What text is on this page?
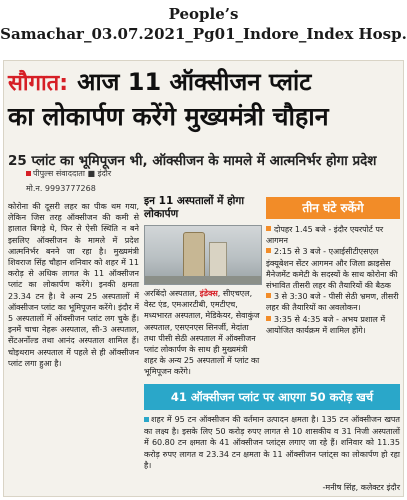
People’s Samachar_03.07.2021_Pg01_Indore_Index Hosp.
सौगात: आज 11 ऑक्सीजन प्लांट
का लोकार्पण करेंगे मुख्यमंत्री चौहान
25 प्लांट का भूमिपूजन भी, ऑक्सीजन के मामले में आत्मनिर्भर होगा प्रदेश
पीपुल्स संवाददाता ■ इंदौर
मो.न. 9993777268
कोरोना की दूसरी लहर का पीक थम गया, लेकिन जिस तरह ऑक्सीजन की कमी से हालात बिगड़े थे, फिर से ऐसी स्थिति न बने इसलिए ऑक्सीजन के मामले में प्रदेश आत्मनिर्भर बनने जा रहा है। मुख्यमंत्री शिवराज सिंह चौहान शनिवार को शहर में 11 करोड़ से अधिक लागत के 11 ऑक्सीजन प्लांट का लोकार्पण करेंगे। इनकी क्षमता 23.34 टन है। वे अन्य 25 अस्पतालों में ऑक्सीजन प्लांट का भूमिपूजन करेंगे। इंदौर में 5 अस्पतालों में ऑक्सीजन प्लांट लग चुके हैं। इनमें चाचा नेहरू अस्पताल, सी-3 अस्पताल, सेंटअर्नोल्ड तथा आनंद अस्पताल शामिल हैं। चोइथराम अस्पताल में पहले से ही ऑक्सीजन प्लांट लगा हुआ है।
इन 11 अस्पतालों में होगा लोकार्पण
अरबिंदो अस्पताल, इंडेक्स, सीएचएल, वेस्ट एंड, एमआरटीबी, एमटीएच, मध्यभारत अस्पताल, मेडिकेयर, सेवाकुंज अस्पताल, एसएनएस सिनर्जी, मेदांता तथा पीसी सेठी अस्पताल में ऑक्सीजन प्लांट लोकार्पण के साथ ही मुख्यमंत्री शहर के अन्य 25 अस्पतालों में प्लांट का भूमिपूजन करेंगे।
तीन घंटे रुकेंगे
दोपहर 1.45 बजे - इंदौर एयरपोर्ट पर आगमन
2:15 से 3 बजे - एआईसीटीएसएल इंक्यूबेशन सेंटर आगमन और जिला क्राइसेस मैनेजमेंट कमेटी के सदस्यों के साथ कोरोना की संभावित तीसरी लहर की तैयारियों की बैठक
3 से 3:30 बजे - पीसी सेठी भ्रमण, तीसरी लहर की तैयारियों का अवलोकन।
3:35 से 4:35 बजे - अभय प्रशाल में आयोजित कार्यक्रम में शामिल होंगे।
41 ऑक्सीजन प्लांट पर आएगा 50 करोड़ खर्च
शहर में 95 टन ऑक्सीजन की वर्तमान उत्पादन क्षमता है। 135 टन ऑक्सीजन खपत का लक्ष्य है। इसके लिए 50 करोड़ रुपए लागत से 10 शासकीय व 31 निजी अस्पतालों में 60.80 टन क्षमता के 41 ऑक्सीजन प्लांट्स लगाए जा रहे हैं। शनिवार को 11.35 करोड़ रुपए लागत व 23.34 टन क्षमता के 11 ऑक्सीजन प्लांट्स का लोकार्पण हो रहा है।
-मनीष सिंह, कलेक्टर इंदौर
